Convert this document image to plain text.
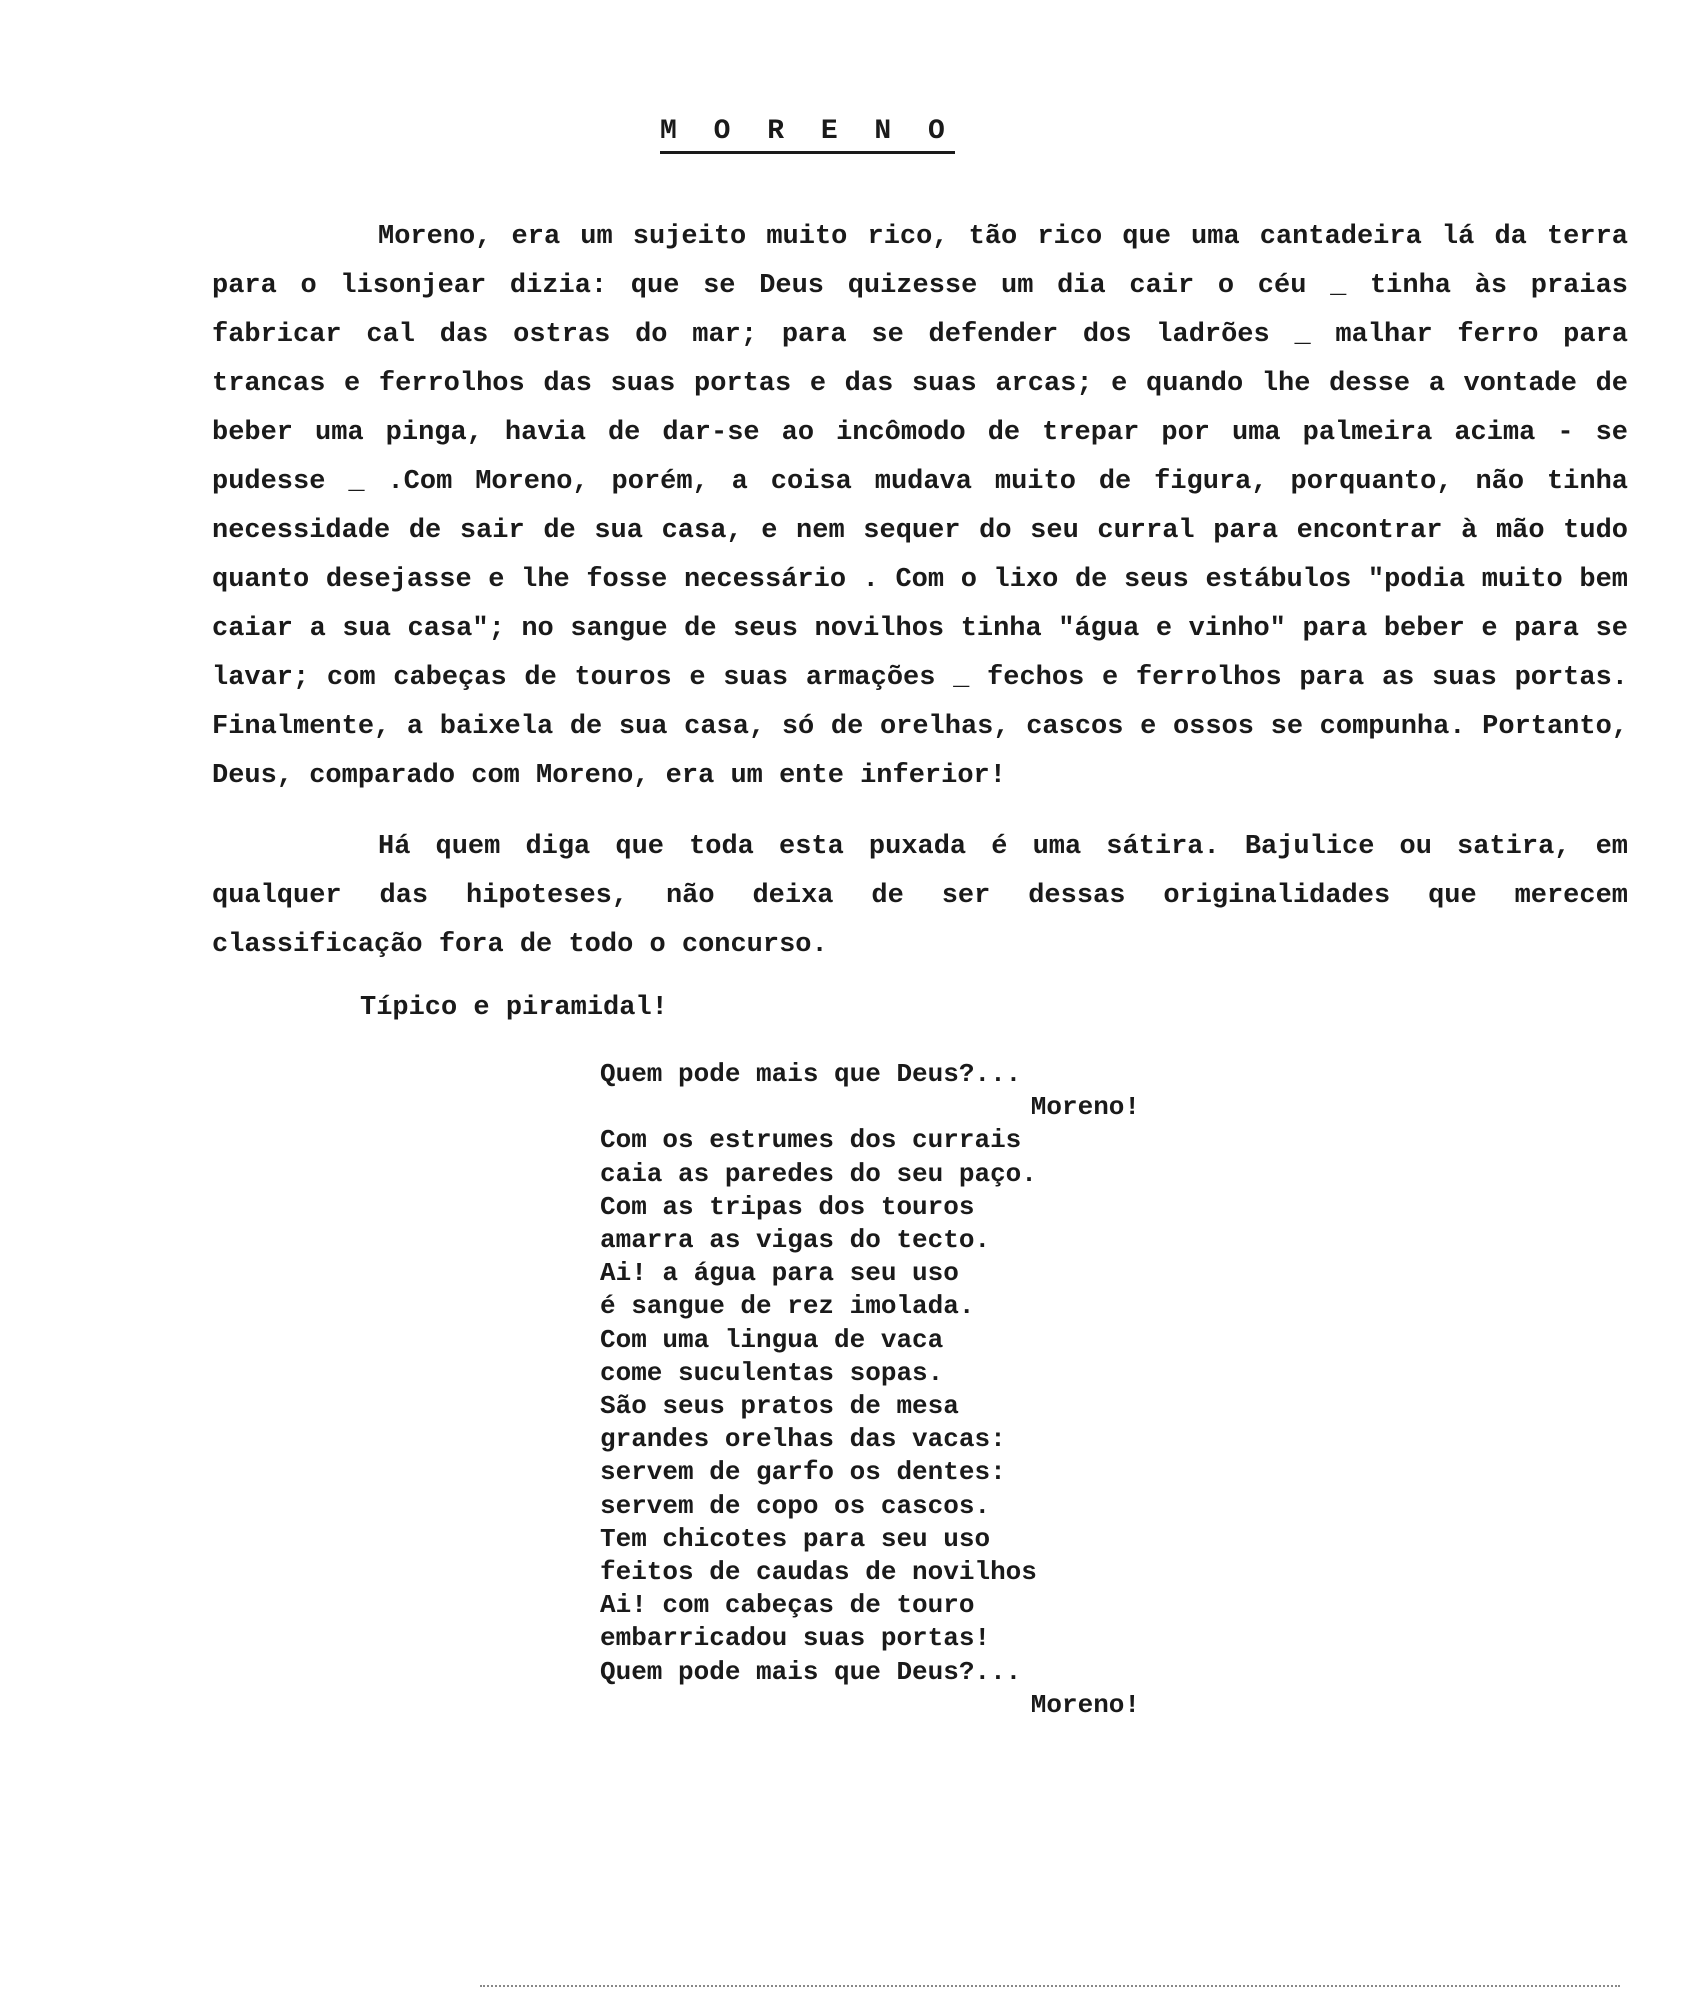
M O R E N O

Moreno, era um sujeito muito rico, tão rico que uma cantadeira lá da terra para o lisonjear dizia: que se Deus quizesse um dia cair o céu _ tinha às praias fabricar cal das ostras do mar; para se defender dos ladrões _ malhar ferro para trancas e ferrolhos das suas portas e das suas arcas; e quando lhe desse a vontade de beber uma pinga, havia de dar-se ao incômodo de trepar por uma palmeira acima - se pudesse _ .Com Moreno, porém, a coisa mudava muito de figura, porquanto, não tinha necessidade de sair de sua casa, e nem sequer do seu curral para encontrar à mão tudo quanto desejasse e lhe fosse necessário . Com o lixo de seus estábulos "podia muito bem caiar a sua casa"; no sangue de seus novilhos tinha "água e vinho" para beber e para se lavar; com cabeças de touros e suas armações _ fechos e ferrolhos para as suas portas. Finalmente, a baixela de sua casa, só de orelhas, cascos e ossos se compunha. Portanto, Deus, comparado com Moreno, era um ente inferior!

Há quem diga que toda esta puxada é uma sátira. Bajulice ou satira, em qualquer das hipoteses, não deixa de ser dessas originalidades que merecem classificação fora de todo o concurso.

Típico e piramidal!

Quem pode mais que Deus?...
Moreno!
Com os estrumes dos currais
caia as paredes do seu paço.
Com as tripas dos touros
amarra as vigas do tecto.
Ai! a água para seu uso
é sangue de rez imolada.
Com uma lingua de vaca
come suculentas sopas.
São seus pratos de mesa
grandes orelhas das vacas:
servem de garfo os dentes:
servem de copo os cascos.
Tem chicotes para seu uso
feitos de caudas de novilhos
Ai! com cabeças de touro
embarricadou suas portas!
Quem pode mais que Deus?...
Moreno!
